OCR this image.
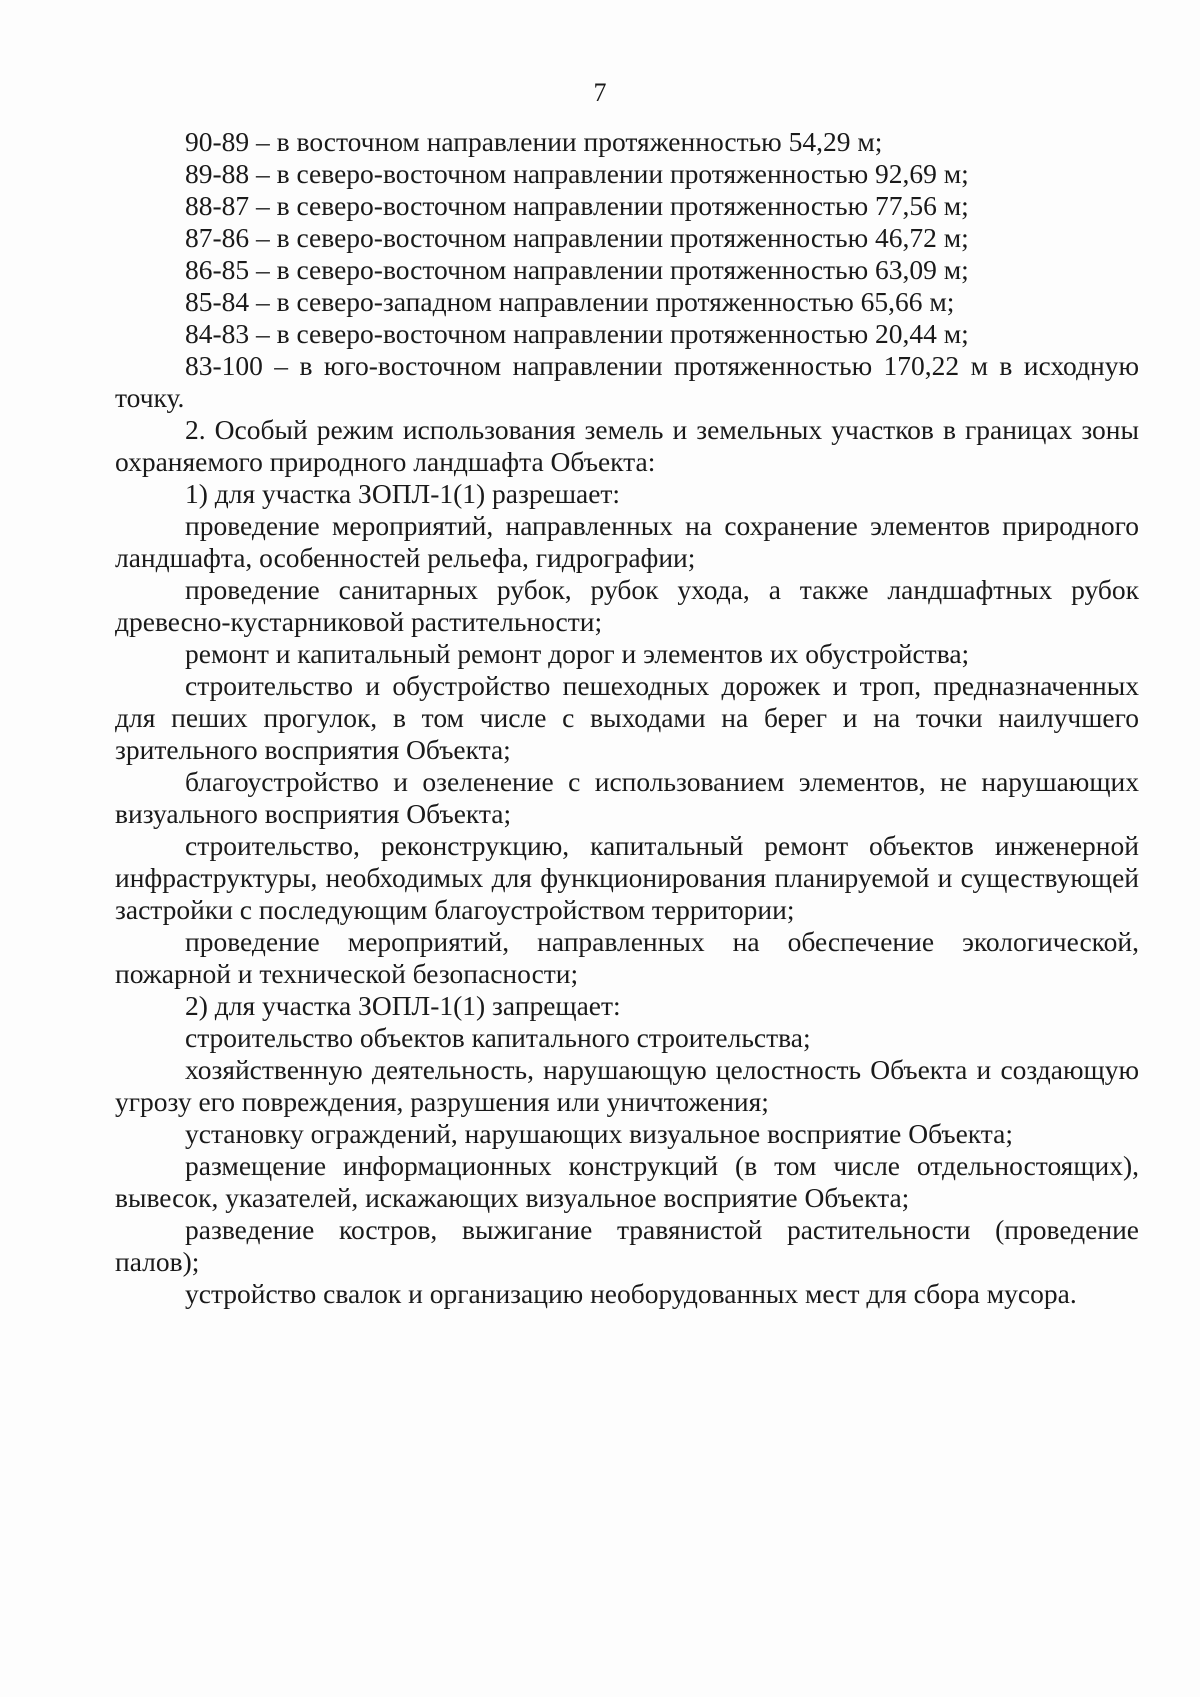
7
90-89 – в восточном направлении протяженностью 54,29 м;
89-88 – в северо-восточном направлении протяженностью 92,69 м;
88-87 – в северо-восточном направлении протяженностью 77,56 м;
87-86 – в северо-восточном направлении протяженностью 46,72 м;
86-85 – в северо-восточном направлении протяженностью 63,09 м;
85-84 – в северо-западном направлении протяженностью 65,66 м;
84-83 – в северо-восточном направлении протяженностью 20,44 м;
83-100 – в юго-восточном направлении протяженностью 170,22 м в исходную точку.
2. Особый режим использования земель и земельных участков в границах зоны охраняемого природного ландшафта Объекта:
1) для участка ЗОПЛ-1(1) разрешает:
проведение мероприятий, направленных на сохранение элементов природного ландшафта, особенностей рельефа, гидрографии;
проведение санитарных рубок, рубок ухода, а также ландшафтных рубок древесно-кустарниковой растительности;
ремонт и капитальный ремонт дорог и элементов их обустройства;
строительство и обустройство пешеходных дорожек и троп, предназначенных для пеших прогулок, в том числе с выходами на берег и на точки наилучшего зрительного восприятия Объекта;
благоустройство и озеленение с использованием элементов, не нарушающих визуального восприятия Объекта;
строительство, реконструкцию, капитальный ремонт объектов инженерной инфраструктуры, необходимых для функционирования планируемой и существующей застройки с последующим благоустройством территории;
проведение мероприятий, направленных на обеспечение экологической, пожарной и технической безопасности;
2) для участка ЗОПЛ-1(1) запрещает:
строительство объектов капитального строительства;
хозяйственную деятельность, нарушающую целостность Объекта и создающую угрозу его повреждения, разрушения или уничтожения;
установку ограждений, нарушающих визуальное восприятие Объекта;
размещение информационных конструкций (в том числе отдельностоящих), вывесок, указателей, искажающих визуальное восприятие Объекта;
разведение костров, выжигание травянистой растительности (проведение палов);
устройство свалок и организацию необорудованных мест для сбора мусора.
